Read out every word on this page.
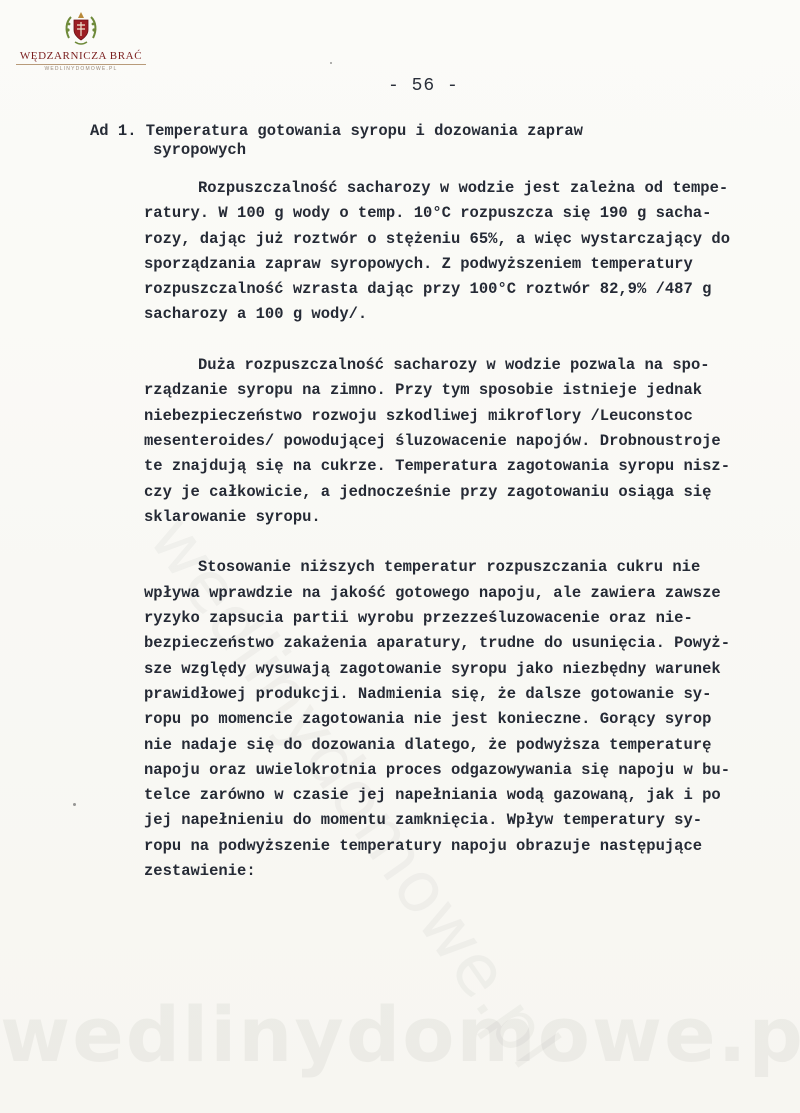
WĘDZARNICZA BRAĆ
WEDLINYDOMOWE.PL
- 56 -
Ad 1. Temperatura gotowania syropu i dozowania zapraw
syropowych
Rozpuszczalność sacharozy w wodzie jest zależna od tempe-
ratury. W 100 g wody o temp. 10°C rozpuszcza się 190 g sacha-
rozy, dając już roztwór o stężeniu 65%, a więc wystarczający do
sporządzania zapraw syropowych. Z podwyższeniem temperatury
rozpuszczalność wzrasta dając przy 100°C roztwór 82,9% /487 g
sacharozy a 100 g wody/.
Duża rozpuszczalność sacharozy w wodzie pozwala na spo-
rządzanie syropu na zimno. Przy tym sposobie istnieje jednak
niebezpieczeństwo rozwoju szkodliwej mikroflory /Leuconstoc
mesenteroides/ powodującej śluzowacenie napojów. Drobnoustroje
te znajdują się na cukrze. Temperatura zagotowania syropu nisz-
czy je całkowicie, a jednocześnie przy zagotowaniu osiąga się
sklarowanie syropu.
Stosowanie niższych temperatur rozpuszczania cukru nie
wpływa wprawdzie na jakość gotowego napoju, ale zawiera zawsze
ryzyko zapsucia partii wyrobu przezześluzowacenie oraz nie-
bezpieczeństwo zakażenia aparatury, trudne do usunięcia. Powyż-
sze względy wysuwają zagotowanie syropu jako niezbędny warunek
prawidłowej produkcji. Nadmienia się, że dalsze gotowanie sy-
ropu po momencie zagotowania nie jest konieczne. Gorący syrop
nie nadaje się do dozowania dlatego, że podwyższa temperaturę
napoju oraz uwielokrotnia proces odgazowywania się napoju w bu-
telce zarówno w czasie jej napełniania wodą gazowaną, jak i po
jej napełnieniu do momentu zamknięcia. Wpływ temperatury sy-
ropu na podwyższenie temperatury napoju obrazuje następujące
zestawienie:
